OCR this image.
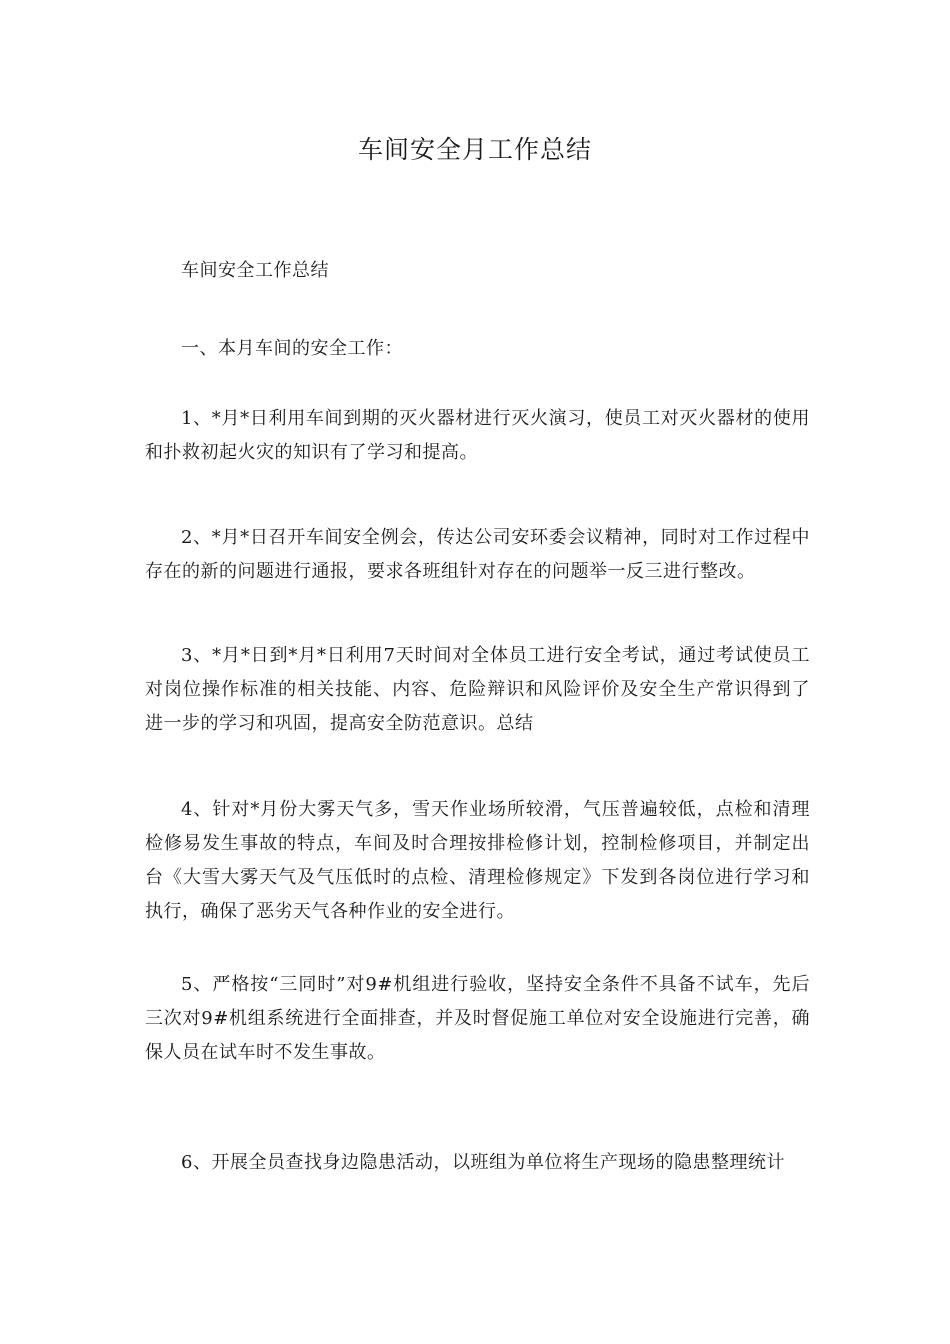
车间安全月工作总结

车间安全工作总结

一、本月车间的安全工作：

1、*月*日利用车间到期的灭火器材进行灭火演习，使员工对灭火器材的使用和扑救初起火灾的知识有了学习和提高。

2、*月*日召开车间安全例会，传达公司安环委会议精神，同时对工作过程中存在的新的问题进行通报，要求各班组针对存在的问题举一反三进行整改。

3、*月*日到*月*日利用7天时间对全体员工进行安全考试，通过考试使员工对岗位操作标准的相关技能、内容、危险辩识和风险评价及安全生产常识得到了进一步的学习和巩固，提高安全防范意识。总结

4、针对*月份大雾天气多，雪天作业场所较滑，气压普遍较低，点检和清理检修易发生事故的特点，车间及时合理按排检修计划，控制检修项目，并制定出台《大雪大雾天气及气压低时的点检、清理检修规定》下发到各岗位进行学习和执行，确保了恶劣天气各种作业的安全进行。

5、严格按“三同时”对9#机组进行验收，坚持安全条件不具备不试车，先后三次对9#机组系统进行全面排查，并及时督促施工单位对安全设施进行完善，确保人员在试车时不发生事故。

6、开展全员查找身边隐患活动，以班组为单位将生产现场的隐患整理统计
